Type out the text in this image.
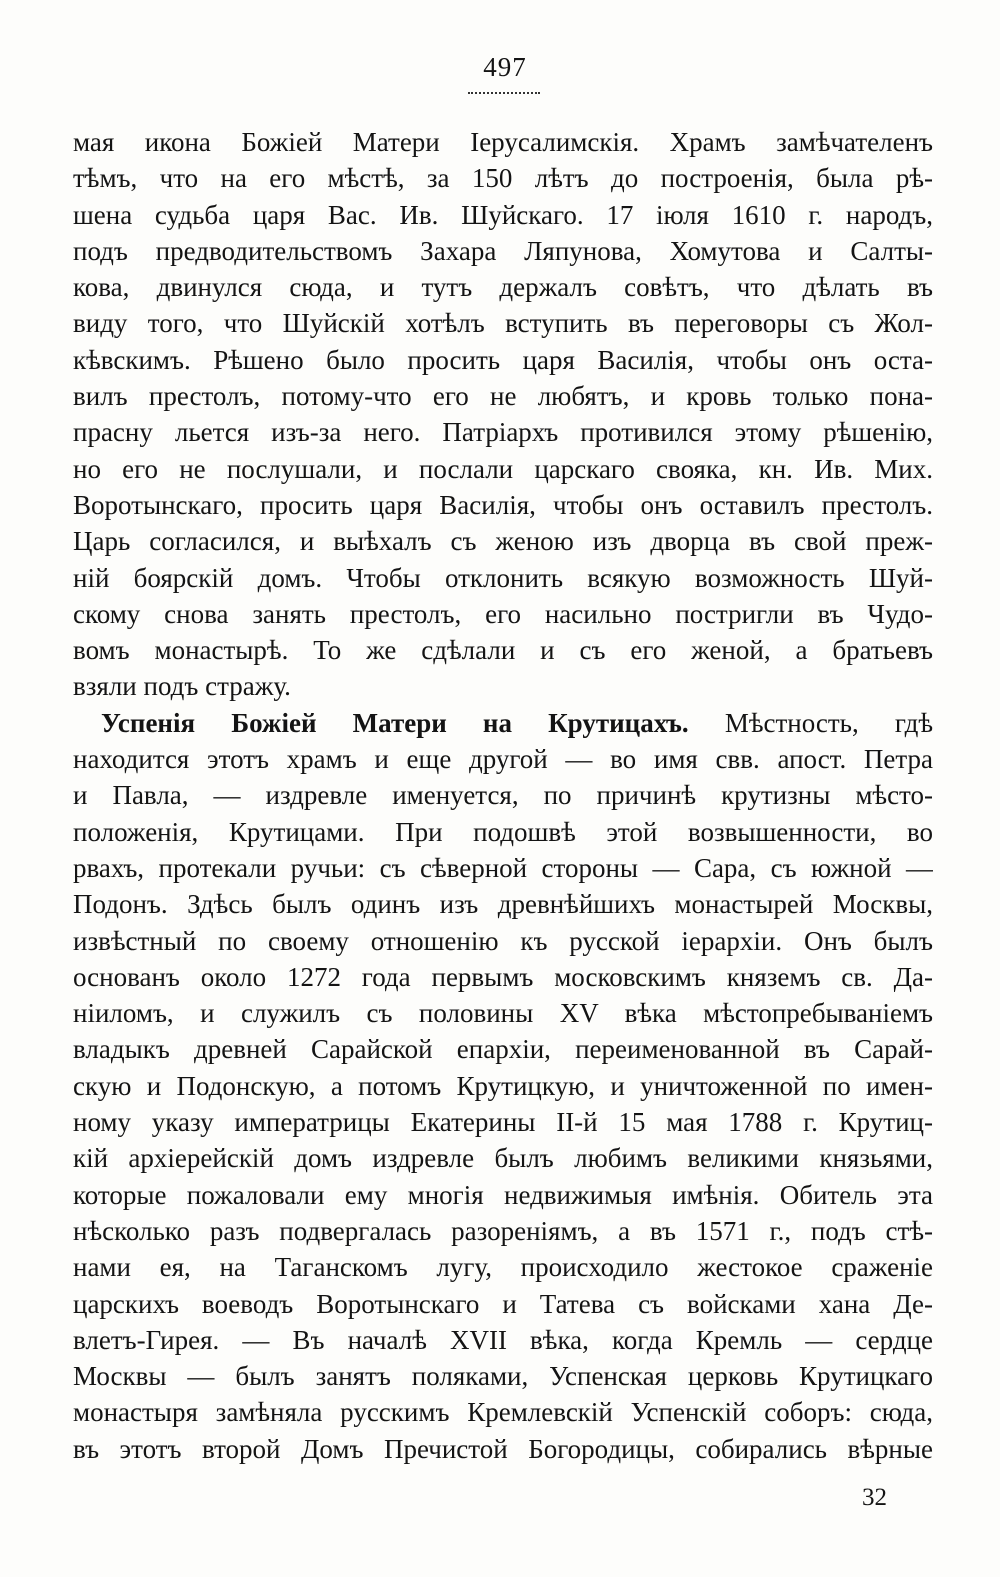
497
мая икона Божіей Матери Іерусалимскія. Храмъ замѣчателенъ
тѣмъ, что на его мѣстѣ, за 150 лѣтъ до построенія, была рѣ-
шена судьба царя Вас. Ив. Шуйскаго. 17 іюля 1610 г. народъ,
подъ предводительствомъ Захара Ляпунова, Хомутова и Салты-
кова, двинулся сюда, и тутъ держалъ совѣтъ, что дѣлать въ
виду того, что Шуйскій хотѣлъ вступить въ переговоры съ Жол-
кѣвскимъ. Рѣшено было просить царя Василія, чтобы онъ оста-
вилъ престолъ, потому-что его не любятъ, и кровь только пона-
прасну льется изъ-за него. Патріархъ противился этому рѣшенію,
но его не послушали, и послали царскаго свояка, кн. Ив. Мих.
Воротынскаго, просить царя Василія, чтобы онъ оставилъ престолъ.
Царь согласился, и выѣхалъ съ женою изъ дворца въ свой преж-
ній боярскій домъ. Чтобы отклонить всякую возможность Шуй-
скому снова занять престолъ, его насильно постригли въ Чудо-
вомъ монастырѣ. То же сдѣлали и съ его женой, а братьевъ
взяли подъ стражу.
Успенія Божіей Матери на Крутицахъ. Мѣстность, гдѣ
находится этотъ храмъ и еще другой — во имя свв. апост. Петра
и Павла, — издревле именуется, по причинѣ крутизны мѣсто-
положенія, Крутицами. При подошвѣ этой возвышенности, во
рвахъ, протекали ручьи: съ сѣверной стороны — Сара, съ южной —
Подонъ. Здѣсь былъ одинъ изъ древнѣйшихъ монастырей Москвы,
извѣстный по своему отношенію къ русской іерархіи. Онъ былъ
основанъ около 1272 года первымъ московскимъ княземъ св. Да-
ніиломъ, и служилъ съ половины XV вѣка мѣстопребываніемъ
владыкъ древней Сарайской епархіи, переименованной въ Сарай-
скую и Подонскую, а потомъ Крутицкую, и уничтоженной по имен-
ному указу императрицы Екатерины II-й 15 мая 1788 г. Крутиц-
кій архіерейскій домъ издревле былъ любимъ великими князьями,
которые пожаловали ему многія недвижимыя имѣнія. Обитель эта
нѣсколько разъ подвергалась разореніямъ, а въ 1571 г., подъ стѣ-
нами ея, на Таганскомъ лугу, происходило жестокое сраженіе
царскихъ воеводъ Воротынскаго и Татева съ войсками хана Де-
влетъ-Гирея. — Въ началѣ XVII вѣка, когда Кремль — сердце
Москвы — былъ занятъ поляками, Успенская церковь Крутицкаго
монастыря замѣняла русскимъ Кремлевскій Успенскій соборъ: сюда,
въ этотъ второй Домъ Пречистой Богородицы, собирались вѣрные
32
